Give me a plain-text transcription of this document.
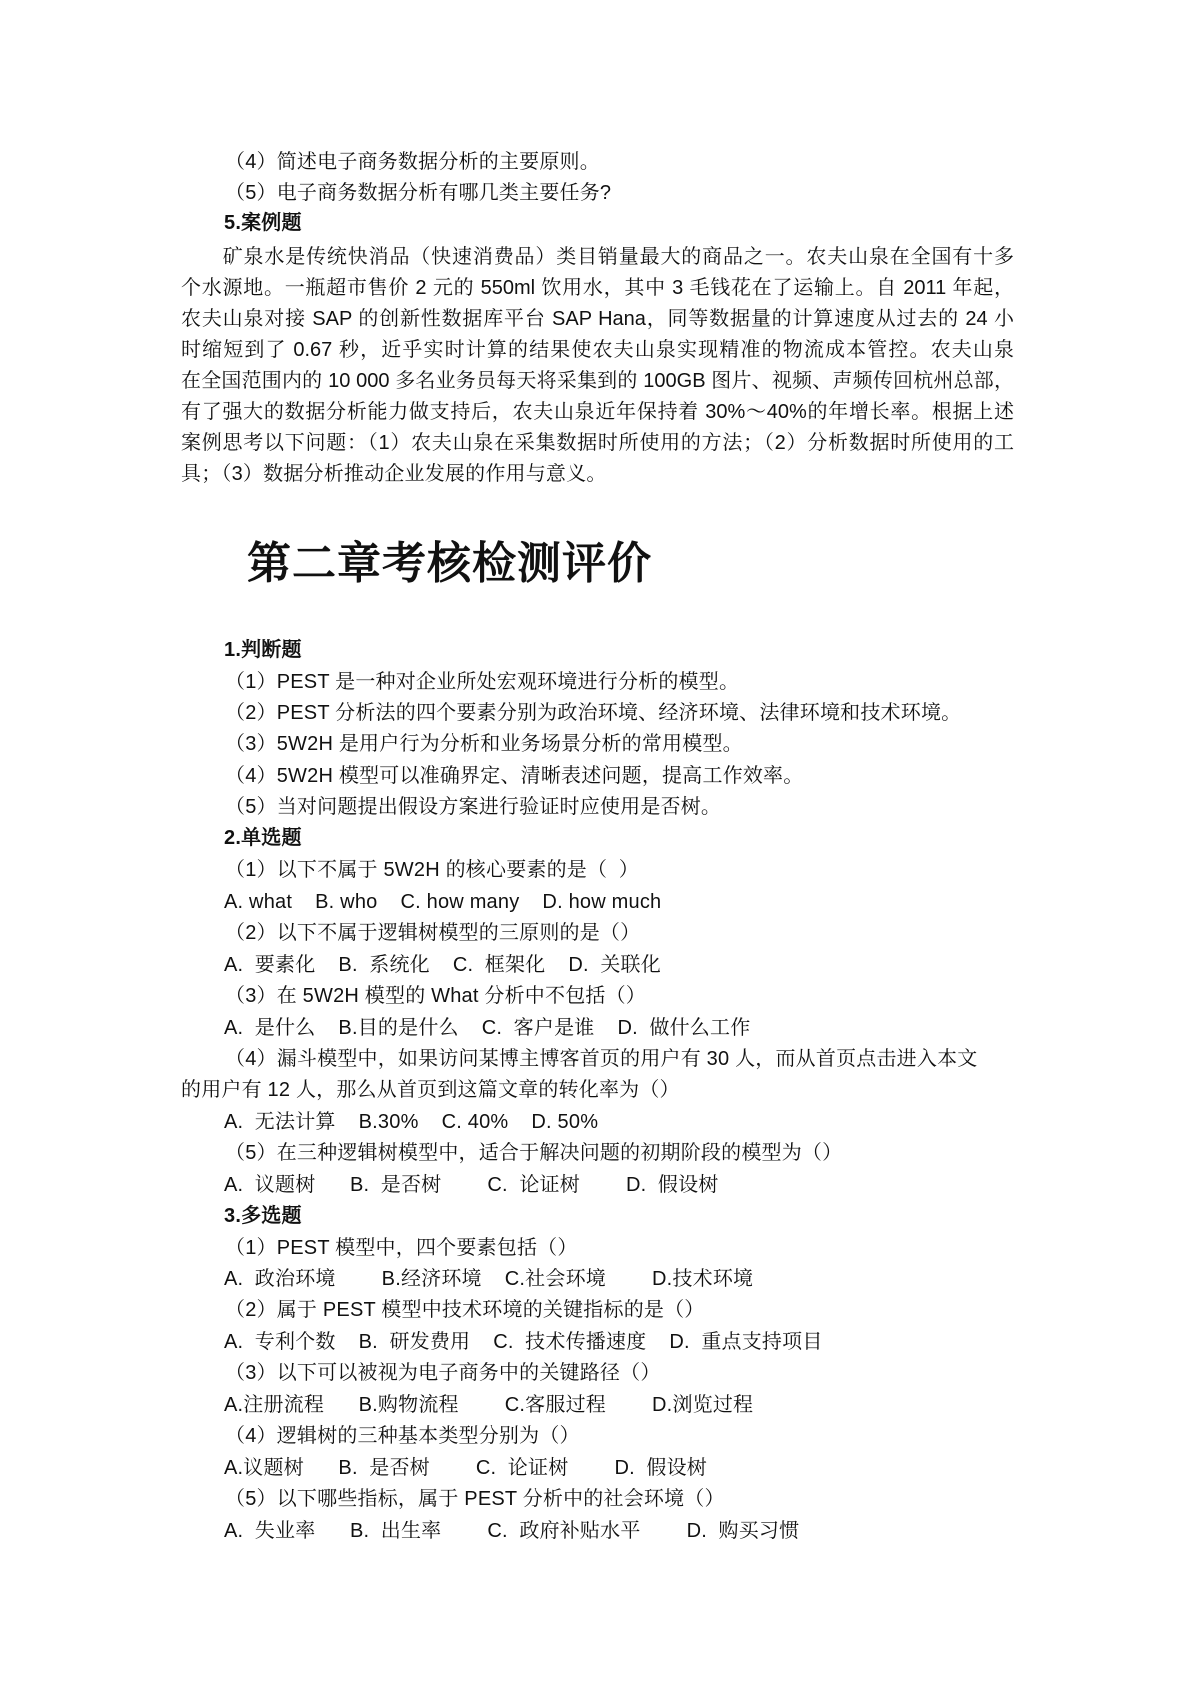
（4）简述电子商务数据分析的主要原则。
（5）电子商务数据分析有哪几类主要任务?
5.案例题
　　矿泉水是传统快消品（快速消费品）类目销量最大的商品之一。农夫山泉在全国有十多
个水源地。一瓶超市售价 2 元的 550ml 饮用水，其中 3 毛钱花在了运输上。自 2011 年起，
农夫山泉对接 SAP 的创新性数据库平台 SAP Hana，同等数据量的计算速度从过去的 24 小
时缩短到了 0.67 秒，近乎实时计算的结果使农夫山泉实现精准的物流成本管控。农夫山泉
在全国范围内的 10 000 多名业务员每天将采集到的 100GB 图片、视频、声频传回杭州总部，
有了强大的数据分析能力做支持后，农夫山泉近年保持着 30%～40%的年增长率。根据上述
案例思考以下问题：（1）农夫山泉在采集数据时所使用的方法；（2）分析数据时所使用的工
具；（3）数据分析推动企业发展的作用与意义。
第二章考核检测评价
1.判断题
（1）PEST 是一种对企业所处宏观环境进行分析的模型。
（2）PEST 分析法的四个要素分别为政治环境、经济环境、法律环境和技术环境。
（3）5W2H 是用户行为分析和业务场景分析的常用模型。
（4）5W2H 模型可以准确界定、清晰表述问题，提高工作效率。
（5）当对问题提出假设方案进行验证时应使用是否树。
2.单选题
（1）以下不属于 5W2H 的核心要素的是（  ）
A. what    B. who    C. how many    D. how much
（2）以下不属于逻辑树模型的三原则的是（）
A.  要素化    B.  系统化    C.  框架化    D.  关联化
（3）在 5W2H 模型的 What 分析中不包括（）
A.  是什么    B.目的是什么    C.  客户是谁    D.  做什么工作
（4）漏斗模型中，如果访问某博主博客首页的用户有 30 人，而从首页点击进入本文
的用户有 12 人，那么从首页到这篇文章的转化率为（）
A.  无法计算    B.30%    C. 40%    D. 50%
（5）在三种逻辑树模型中，适合于解决问题的初期阶段的模型为（）
A.  议题树      B.  是否树        C.  论证树        D.  假设树
3.多选题
（1）PEST 模型中，四个要素包括（）
A.  政治环境        B.经济环境    C.社会环境        D.技术环境
（2）属于 PEST 模型中技术环境的关键指标的是（）
A.  专利个数    B.  研发费用    C.  技术传播速度    D.  重点支持项目
（3）以下可以被视为电子商务中的关键路径（）
A.注册流程      B.购物流程        C.客服过程        D.浏览过程
（4）逻辑树的三种基本类型分别为（）
A.议题树      B.  是否树        C.  论证树        D.  假设树
（5）以下哪些指标，属于 PEST 分析中的社会环境（）
A.  失业率      B.  出生率        C.  政府补贴水平        D.  购买习惯
